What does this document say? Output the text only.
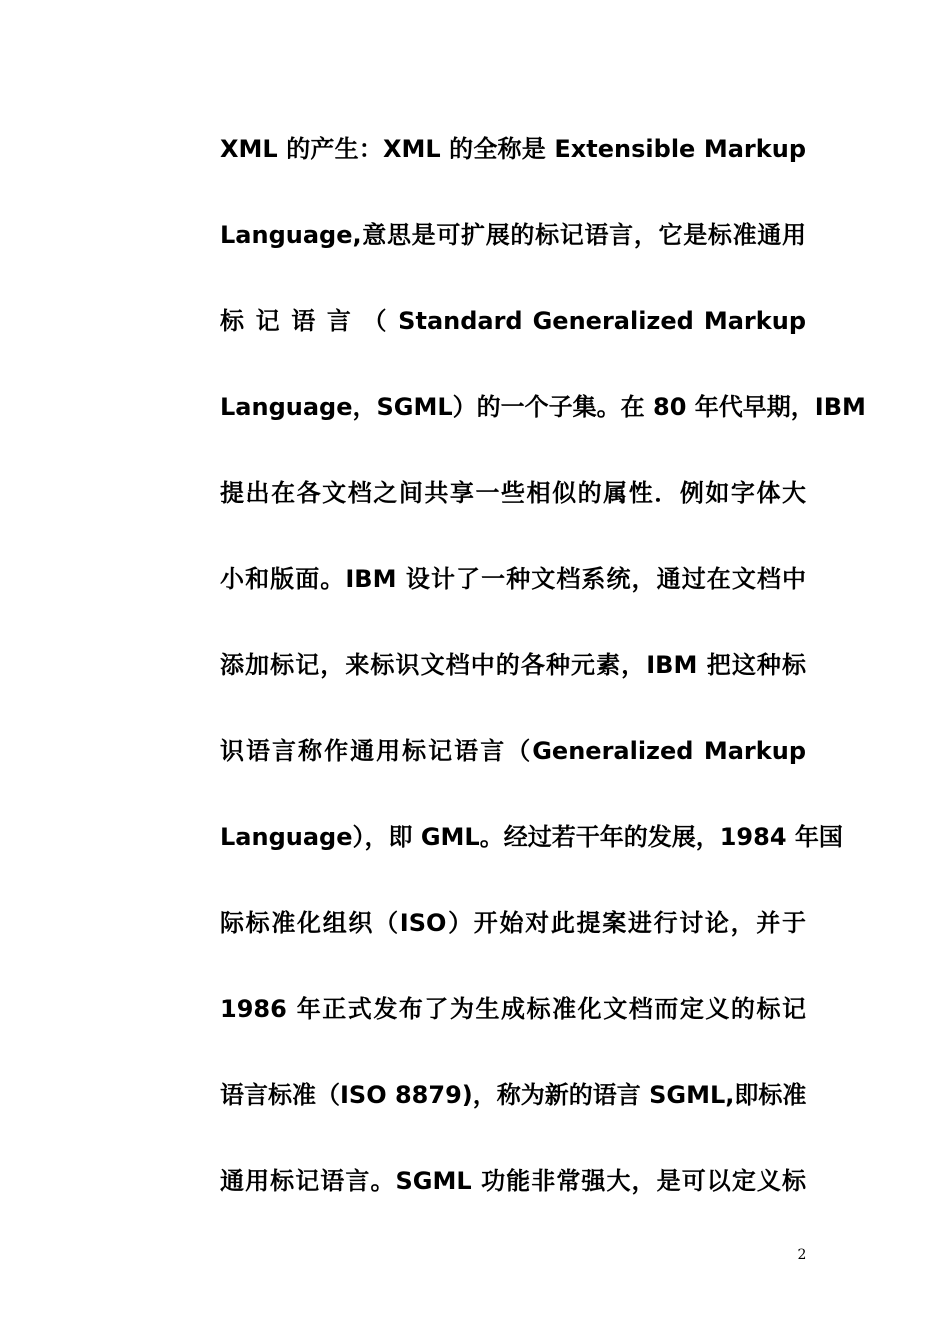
XML 的产生：XML 的全称是 Extensible Markup
Language,意思是可扩展的标记语言，它是标准通用
标 记 语 言 （ Standard Generalized Markup
Language，SGML）的一个子集。在 80 年代早期，IBM
提出在各文档之间共享一些相似的属性．例如字体大
小和版面。IBM 设计了一种文档系统，通过在文档中
添加标记，来标识文档中的各种元素，IBM 把这种标
识语言称作通用标记语言（Generalized Markup
Language），即 GML。经过若干年的发展，1984 年国
际标准化组织（ISO）开始对此提案进行讨论，并于
1986 年正式发布了为生成标准化文档而定义的标记
语言标准（ISO 8879)，称为新的语言 SGML,即标准
通用标记语言。SGML 功能非常强大，是可以定义标
2
